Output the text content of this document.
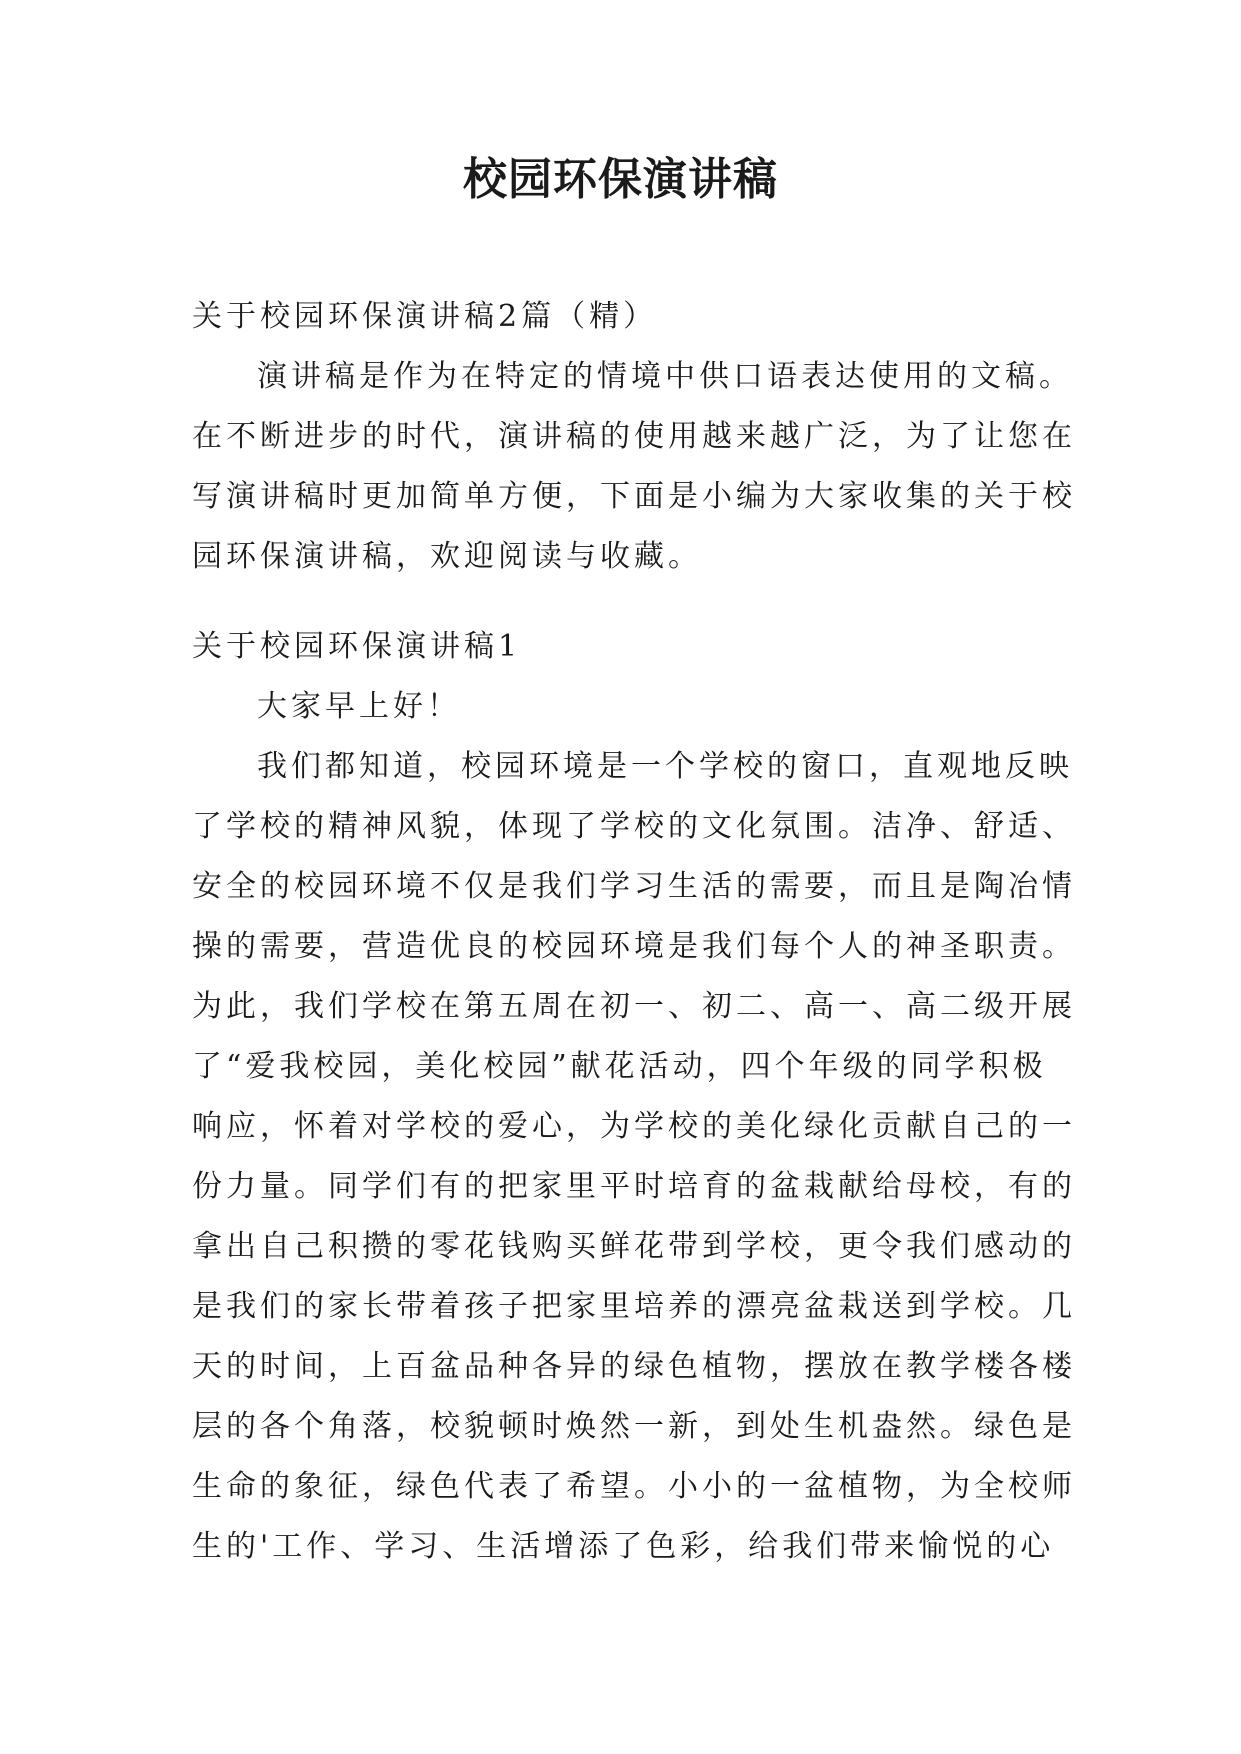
校园环保演讲稿
关于校园环保演讲稿2篇（精）
演讲稿是作为在特定的情境中供口语表达使用的文稿。
在不断进步的时代，演讲稿的使用越来越广泛，为了让您在
写演讲稿时更加简单方便，下面是小编为大家收集的关于校
园环保演讲稿，欢迎阅读与收藏。
关于校园环保演讲稿1
大家早上好！
我们都知道，校园环境是一个学校的窗口，直观地反映
了学校的精神风貌，体现了学校的文化氛围。洁净、舒适、
安全的校园环境不仅是我们学习生活的需要，而且是陶冶情
操的需要，营造优良的校园环境是我们每个人的神圣职责。
为此，我们学校在第五周在初一、初二、高一、高二级开展
了“爱我校园，美化校园”献花活动，四个年级的同学积极
响应，怀着对学校的爱心，为学校的美化绿化贡献自己的一
份力量。同学们有的把家里平时培育的盆栽献给母校，有的
拿出自己积攒的零花钱购买鲜花带到学校，更令我们感动的
是我们的家长带着孩子把家里培养的漂亮盆栽送到学校。几
天的时间，上百盆品种各异的绿色植物，摆放在教学楼各楼
层的各个角落，校貌顿时焕然一新，到处生机盎然。绿色是
生命的象征，绿色代表了希望。小小的一盆植物，为全校师
生的'工作、学习、生活增添了色彩，给我们带来愉悦的心
